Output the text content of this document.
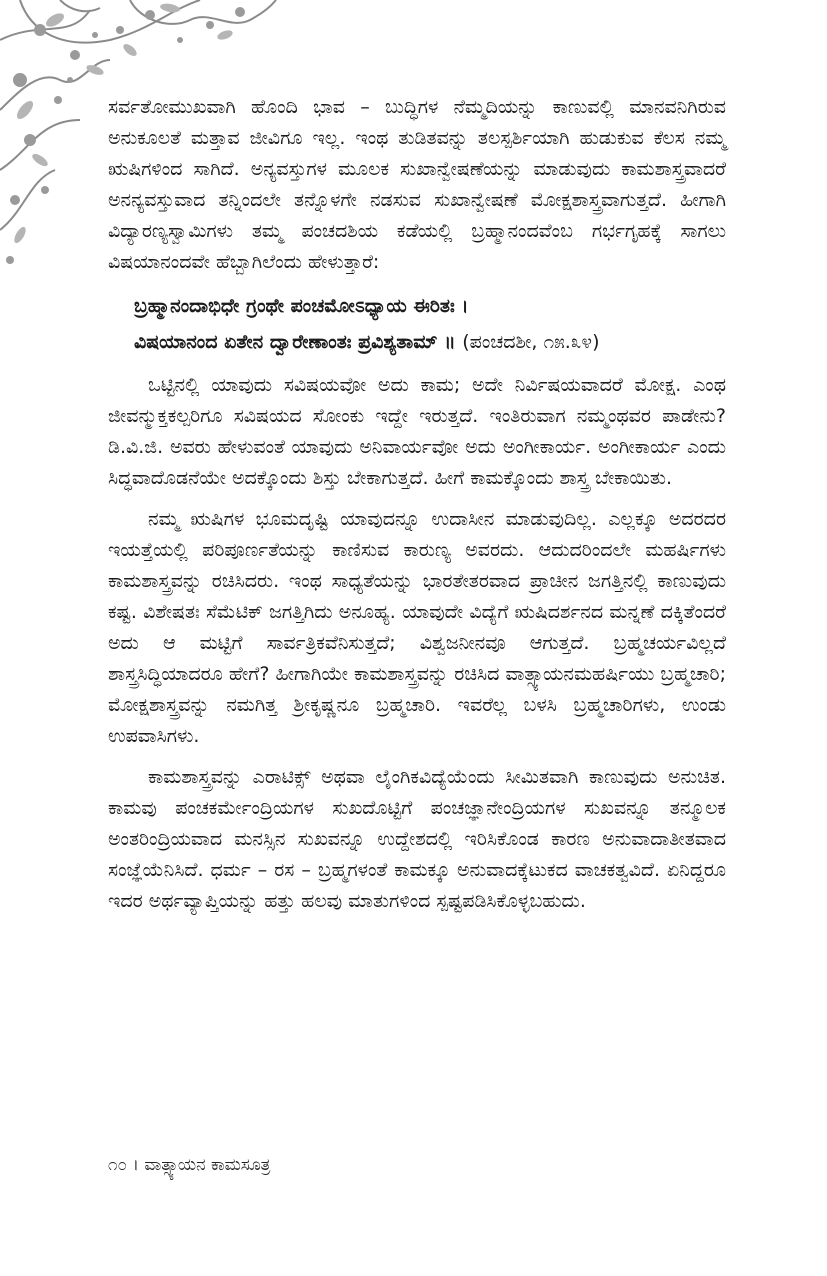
ಸರ್ವತೋಮುಖವಾಗಿ ಹೊಂದಿ ಭಾವ – ಬುದ್ಧಿಗಳ ನೆಮ್ಮದಿಯನ್ನು ಕಾಣುವಲ್ಲಿ ಮಾನವನಿಗಿರುವ ಅನುಕೂಲತೆ ಮತ್ತಾವ ಜೀವಿಗೂ ಇಲ್ಲ. ಇಂಥ ತುಡಿತವನ್ನು ತಲಸ್ಪರ್ಶಿಯಾಗಿ ಹುಡುಕುವ ಕೆಲಸ ನಮ್ಮ ಋಷಿಗಳಿಂದ ಸಾಗಿದೆ. ಅನ್ಯವಸ್ತುಗಳ ಮೂಲಕ ಸುಖಾನ್ವೇಷಣೆಯನ್ನು ಮಾಡುವುದು ಕಾಮಶಾಸ್ತ್ರವಾದರೆ ಅನನ್ಯವಸ್ತುವಾದ ತನ್ನಿಂದಲೇ ತನ್ನೊಳಗೇ ನಡಸುವ ಸುಖಾನ್ವೇಷಣೆ ಮೋಕ್ಷಶಾಸ್ತ್ರವಾಗುತ್ತದೆ. ಹೀಗಾಗಿ ವಿದ್ಯಾರಣ್ಯಸ್ವಾಮಿಗಳು ತಮ್ಮ ಪಂಚದಶಿಯ ಕಡೆಯಲ್ಲಿ ಬ್ರಹ್ಮಾನಂದವೆಂಬ ಗರ್ಭಗೃಹಕ್ಕೆ ಸಾಗಲು ವಿಷಯಾನಂದವೇ ಹೆಬ್ಬಾಗಿಲೆಂದು ಹೇಳುತ್ತಾರೆ:

ಬ್ರಹ್ಮಾನಂದಾಭಿಧೇ ಗ್ರಂಥೇ ಪಂಚಮೋಽಧ್ಯಾಯ ಈರಿತಃ ।
ವಿಷಯಾನಂದ ಏತೇನ ದ್ವಾರೇಣಾಂತಃ ಪ್ರವಿಶ್ಯತಾಮ್ ॥ (ಪಂಚದಶೀ, ೧೫.೩೪)

ಒಟ್ಟಿನಲ್ಲಿ ಯಾವುದು ಸವಿಷಯವೋ ಅದು ಕಾಮ; ಅದೇ ನಿರ್ವಿಷಯವಾದರೆ ಮೋಕ್ಷ. ಎಂಥ ಜೀವನ್ಮುಕ್ತಕಲ್ಪರಿಗೂ ಸವಿಷಯದ ಸೋಂಕು ಇದ್ದೇ ಇರುತ್ತದೆ. ಇಂತಿರುವಾಗ ನಮ್ಮಂಥವರ ಪಾಡೇನು? ಡಿ.ವಿ.ಜಿ. ಅವರು ಹೇಳುವಂತೆ ಯಾವುದು ಅನಿವಾರ್ಯವೋ ಅದು ಅಂಗೀಕಾರ್ಯ. ಅಂಗೀಕಾರ್ಯ ಎಂದು ಸಿದ್ಧವಾದೊಡನೆಯೇ ಅದಕ್ಕೊಂದು ಶಿಸ್ತು ಬೇಕಾಗುತ್ತದೆ. ಹೀಗೆ ಕಾಮಕ್ಕೊಂದು ಶಾಸ್ತ್ರ ಬೇಕಾಯಿತು.

ನಮ್ಮ ಋಷಿಗಳ ಭೂಮದೃಷ್ಟಿ ಯಾವುದನ್ನೂ ಉದಾಸೀನ ಮಾಡುವುದಿಲ್ಲ. ಎಲ್ಲಕ್ಕೂ ಅದರದರ ಇಯತ್ತೆಯಲ್ಲಿ ಪರಿಪೂರ್ಣತೆಯನ್ನು ಕಾಣಿಸುವ ಕಾರುಣ್ಯ ಅವರದು. ಆದುದರಿಂದಲೇ ಮಹರ್ಷಿಗಳು ಕಾಮಶಾಸ್ತ್ರವನ್ನು ರಚಿಸಿದರು. ಇಂಥ ಸಾಧ್ಯತೆಯನ್ನು ಭಾರತೇತರವಾದ ಪ್ರಾಚೀನ ಜಗತ್ತಿನಲ್ಲಿ ಕಾಣುವುದು ಕಷ್ಟ. ವಿಶೇಷತಃ ಸೆಮೆಟಿಕ್ ಜಗತ್ತಿಗಿದು ಅನೂಹ್ಯ. ಯಾವುದೇ ವಿದ್ಯೆಗೆ ಋಷಿದರ್ಶನದ ಮನ್ನಣೆ ದಕ್ಕಿತೆಂದರೆ ಅದು ಆ ಮಟ್ಟಿಗೆ ಸಾರ್ವತ್ರಿಕವೆನಿಸುತ್ತದೆ; ವಿಶ್ವಜನೀನವೂ ಆಗುತ್ತದೆ. ಬ್ರಹ್ಮಚರ್ಯವಿಲ್ಲದೆ ಶಾಸ್ತ್ರಸಿದ್ಧಿಯಾದರೂ ಹೇಗೆ? ಹೀಗಾಗಿಯೇ ಕಾಮಶಾಸ್ತ್ರವನ್ನು ರಚಿಸಿದ ವಾತ್ಸ್ಯಾಯನಮಹರ್ಷಿಯು ಬ್ರಹ್ಮಚಾರಿ; ಮೋಕ್ಷಶಾಸ್ತ್ರವನ್ನು ನಮಗಿತ್ತ ಶ್ರೀಕೃಷ್ಣನೂ ಬ್ರಹ್ಮಚಾರಿ. ಇವರೆಲ್ಲ ಬಳಸಿ ಬ್ರಹ್ಮಚಾರಿಗಳು, ಉಂಡು ಉಪವಾಸಿಗಳು.

ಕಾಮಶಾಸ್ತ್ರವನ್ನು ಎರಾಟಿಕ್ಸ್ ಅಥವಾ ಲೈಂಗಿಕವಿದ್ಯೆಯೆಂದು ಸೀಮಿತವಾಗಿ ಕಾಣುವುದು ಅನುಚಿತ. ಕಾಮವು ಪಂಚಕರ್ಮೇಂದ್ರಿಯಗಳ ಸುಖದೊಟ್ಟಿಗೆ ಪಂಚಜ್ಞಾನೇಂದ್ರಿಯಗಳ ಸುಖವನ್ನೂ ತನ್ಮೂಲಕ ಅಂತರಿಂದ್ರಿಯವಾದ ಮನಸ್ಸಿನ ಸುಖವನ್ನೂ ಉದ್ದೇಶದಲ್ಲಿ ಇರಿಸಿಕೊಂಡ ಕಾರಣ ಅನುವಾದಾತೀತವಾದ ಸಂಜ್ಞೆಯೆನಿಸಿದೆ. ಧರ್ಮ – ರಸ – ಬ್ರಹ್ಮಗಳಂತೆ ಕಾಮಕ್ಕೂ ಅನುವಾದಕ್ಕೆಟುಕದ ವಾಚಕತ್ವವಿದೆ. ಏನಿದ್ದರೂ ಇದರ ಅರ್ಥವ್ಯಾಪ್ತಿಯನ್ನು ಹತ್ತು ಹಲವು ಮಾತುಗಳಿಂದ ಸ್ಪಷ್ಟಪಡಿಸಿಕೊಳ್ಳಬಹುದು.

೧೦ । ವಾತ್ಸ್ಯಾಯನ ಕಾಮಸೂತ್ರ
